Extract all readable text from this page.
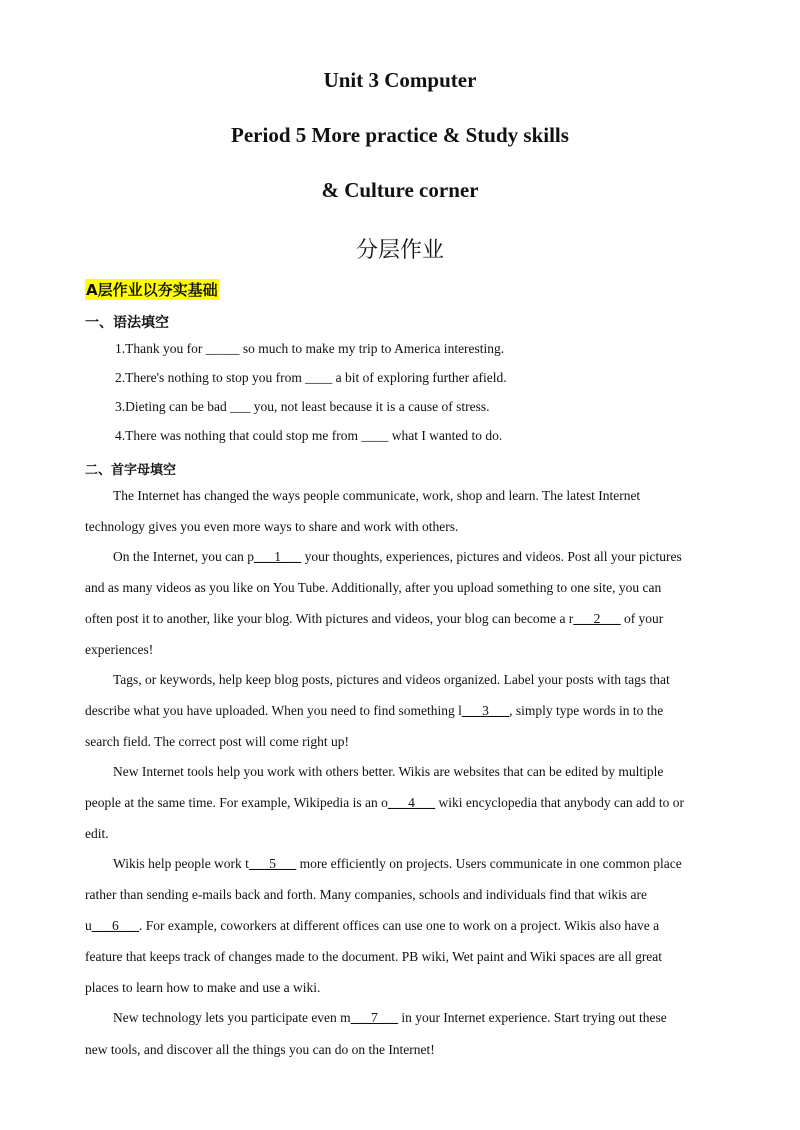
Unit 3 Computer
Period 5 More practice & Study skills
& Culture corner
分层作业
A层作业以夯实基础
一、语法填空
1.Thank you for _____ so much to make my trip to America interesting.
2.There's nothing to stop you from ____ a bit of exploring further afield.
3.Dieting can be bad ___ you, not least because it is a cause of stress.
4.There was nothing that could stop me from ____ what I wanted to do.
二、首字母填空
The Internet has changed the ways people communicate, work, shop and learn. The latest Internet
technology gives you even more ways to share and work with others.
On the Internet, you can p___1___ your thoughts, experiences, pictures and videos. Post all your pictures
and as many videos as you like on You Tube. Additionally, after you upload something to one site, you can
often post it to another, like your blog. With pictures and videos, your blog can become a r___2___ of your
experiences!
Tags, or keywords, help keep blog posts, pictures and videos organized. Label your posts with tags that
describe what you have uploaded. When you need to find something l___3___, simply type words in to the
search field. The correct post will come right up!
New Internet tools help you work with others better. Wikis are websites that can be edited by multiple
people at the same time. For example, Wikipedia is an o___4___ wiki encyclopedia that anybody can add to or
edit.
Wikis help people work t___5___ more efficiently on projects. Users communicate in one common place
rather than sending e-mails back and forth. Many companies, schools and individuals find that wikis are
u___6___. For example, coworkers at different offices can use one to work on a project. Wikis also have a
feature that keeps track of changes made to the document. PB wiki, Wet paint and Wiki spaces are all great
places to learn how to make and use a wiki.
New technology lets you participate even m___7___ in your Internet experience. Start trying out these
new tools, and discover all the things you can do on the Internet!
